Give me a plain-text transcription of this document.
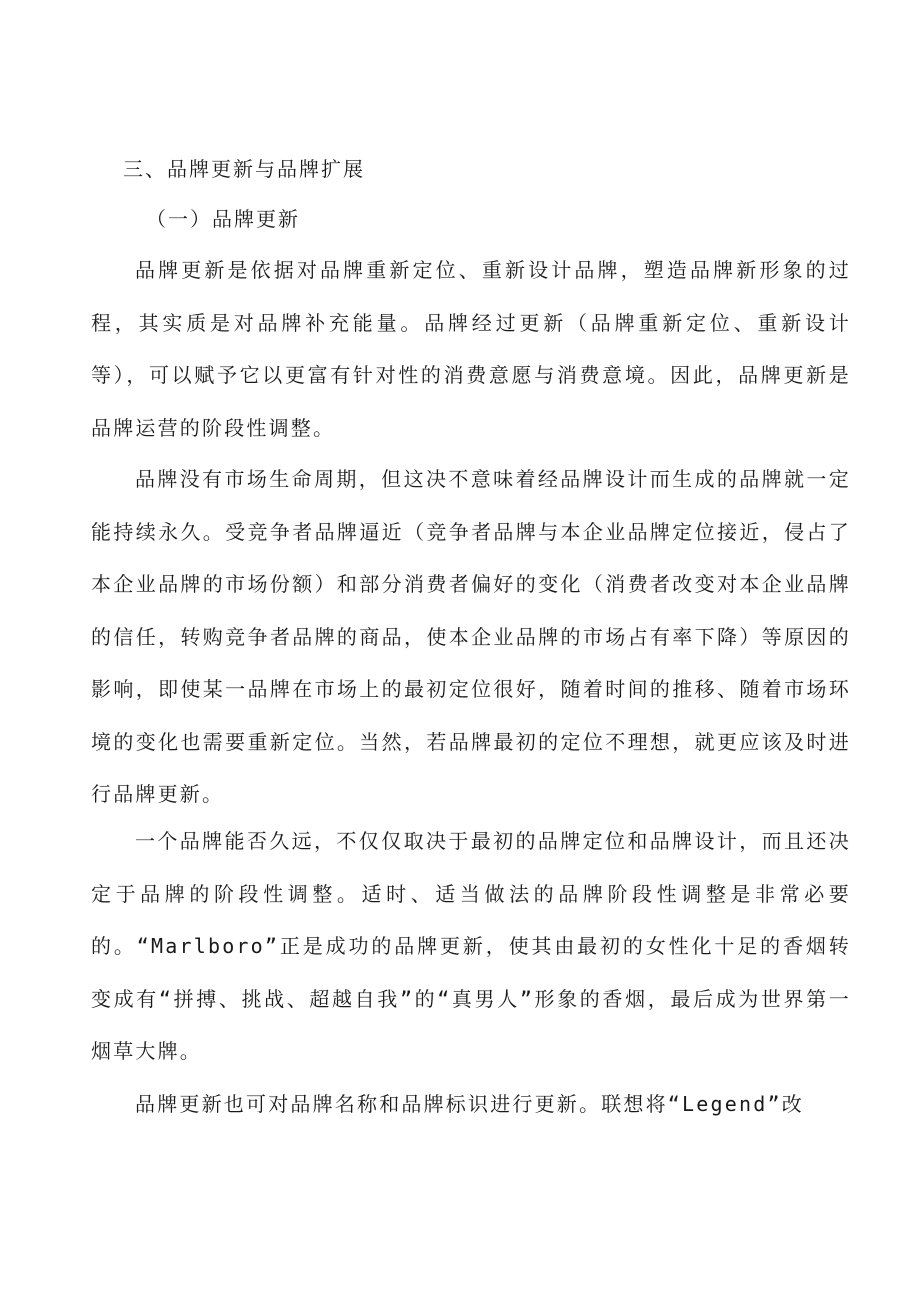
三、品牌更新与品牌扩展
（一）品牌更新

品牌更新是依据对品牌重新定位、重新设计品牌，塑造品牌新形象的过程，其实质是对品牌补充能量。品牌经过更新（品牌重新定位、重新设计等），可以赋予它以更富有针对性的消费意愿与消费意境。因此，品牌更新是品牌运营的阶段性调整。

品牌没有市场生命周期，但这决不意味着经品牌设计而生成的品牌就一定能持续永久。受竞争者品牌逼近（竞争者品牌与本企业品牌定位接近，侵占了本企业品牌的市场份额）和部分消费者偏好的变化（消费者改变对本企业品牌的信任，转购竞争者品牌的商品，使本企业品牌的市场占有率下降）等原因的影响，即使某一品牌在市场上的最初定位很好，随着时间的推移、随着市场环境的变化也需要重新定位。当然，若品牌最初的定位不理想，就更应该及时进行品牌更新。

一个品牌能否久远，不仅仅取决于最初的品牌定位和品牌设计，而且还决定于品牌的阶段性调整。适时、适当做法的品牌阶段性调整是非常必要的。“Marlboro”正是成功的品牌更新，使其由最初的女性化十足的香烟转变成有“拼搏、挑战、超越自我”的“真男人”形象的香烟，最后成为世界第一烟草大牌。

品牌更新也可对品牌名称和品牌标识进行更新。联想将“Legend”改
